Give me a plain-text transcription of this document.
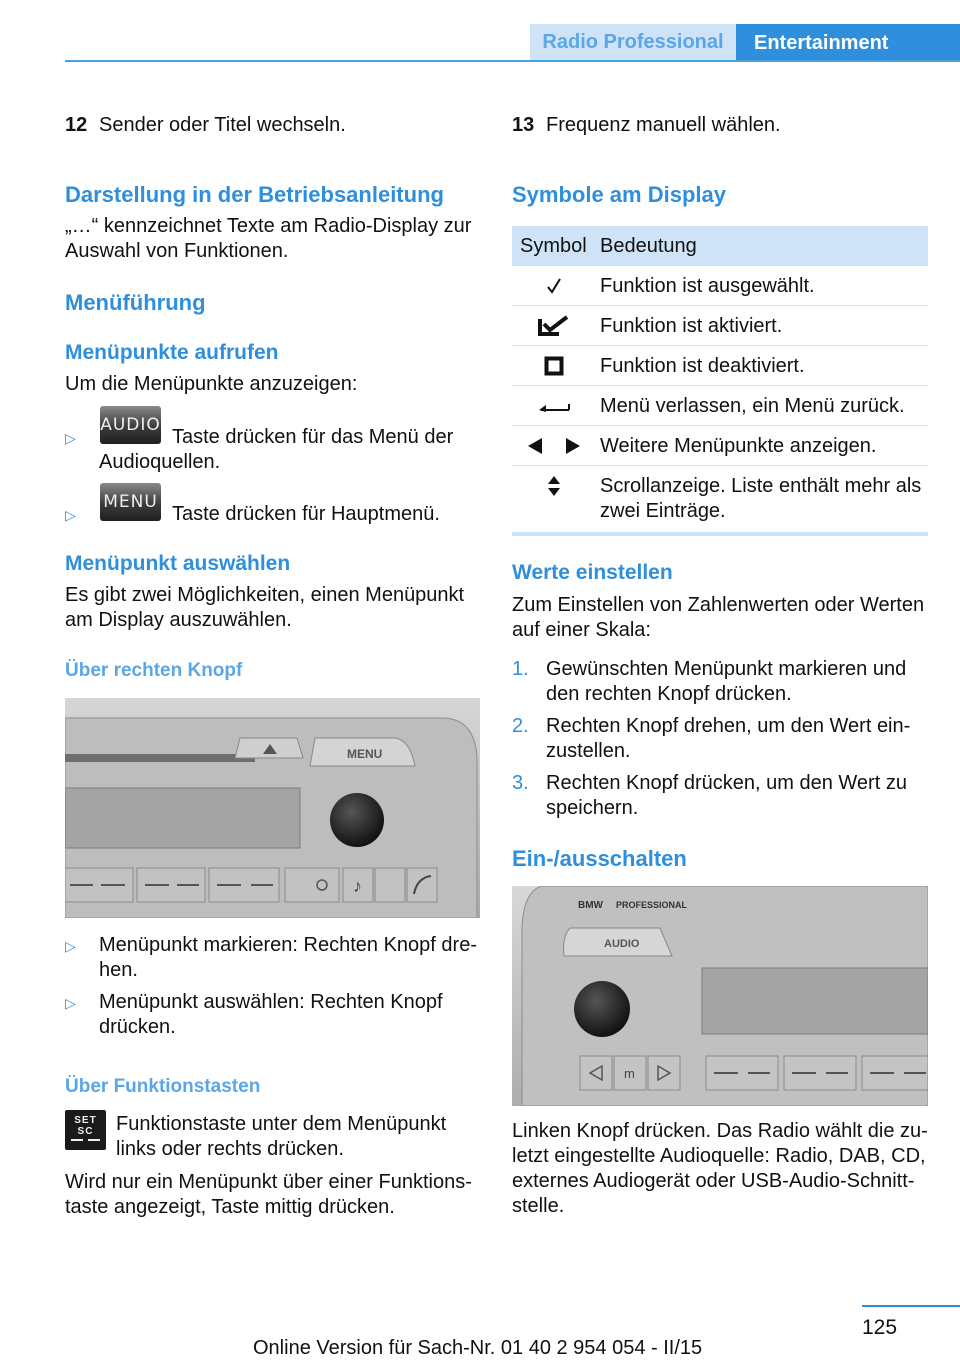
Radio Professional	Entertainment
12 Sender oder Titel wechseln.
Darstellung in der Betriebsanleitung
„…“ kennzeichnet Texte am Radio-Display zur
Auswahl von Funktionen.
Menüführung
Menüpunkte aufrufen
Um die Menüpunkte anzuzeigen:
▷
AUDIO
Taste drücken für das Menü der
Audioquellen.
▷
MENU
Taste drücken für Hauptmenü.
Menüpunkt auswählen
Es gibt zwei Möglichkeiten, einen Menüpunkt
am Display auszuwählen.
Über rechten Knopf
MENU
♪
▷ Menüpunkt markieren: Rechten Knopf dre-
hen.
▷ Menüpunkt auswählen: Rechten Knopf
drücken.
Über Funktionstasten
SET SC	Funktionstaste unter dem Menüpunkt
links oder rechts drücken.
Wird nur ein Menüpunkt über einer Funktions-
taste angezeigt, Taste mittig drücken.
13 Frequenz manuell wählen.
Symbole am Display
Symbol Bedeutung
Funktion ist ausgewählt.
Funktion ist aktiviert.
Funktion ist deaktiviert.
Menü verlassen, ein Menü zurück.
Weitere Menüpunkte anzeigen.
Scrollanzeige. Liste enthält mehr als
zwei Einträge.
Werte einstellen
Zum Einstellen von Zahlenwerten oder Werten
auf einer Skala:
1. Gewünschten Menüpunkt markieren und
den rechten Knopf drücken.
2. Rechten Knopf drehen, um den Wert ein-
zustellen.
3. Rechten Knopf drücken, um den Wert zu
speichern.
Ein-/ausschalten
BMW PROFESSIONAL
AUDIO
m
Linken Knopf drücken. Das Radio wählt die zu-
letzt eingestellte Audioquelle: Radio, DAB, CD,
externes Audiogerät oder USB-Audio-Schnitt-
stelle.
125
Online Version für Sach-Nr. 01 40 2 954 054 - II/15
